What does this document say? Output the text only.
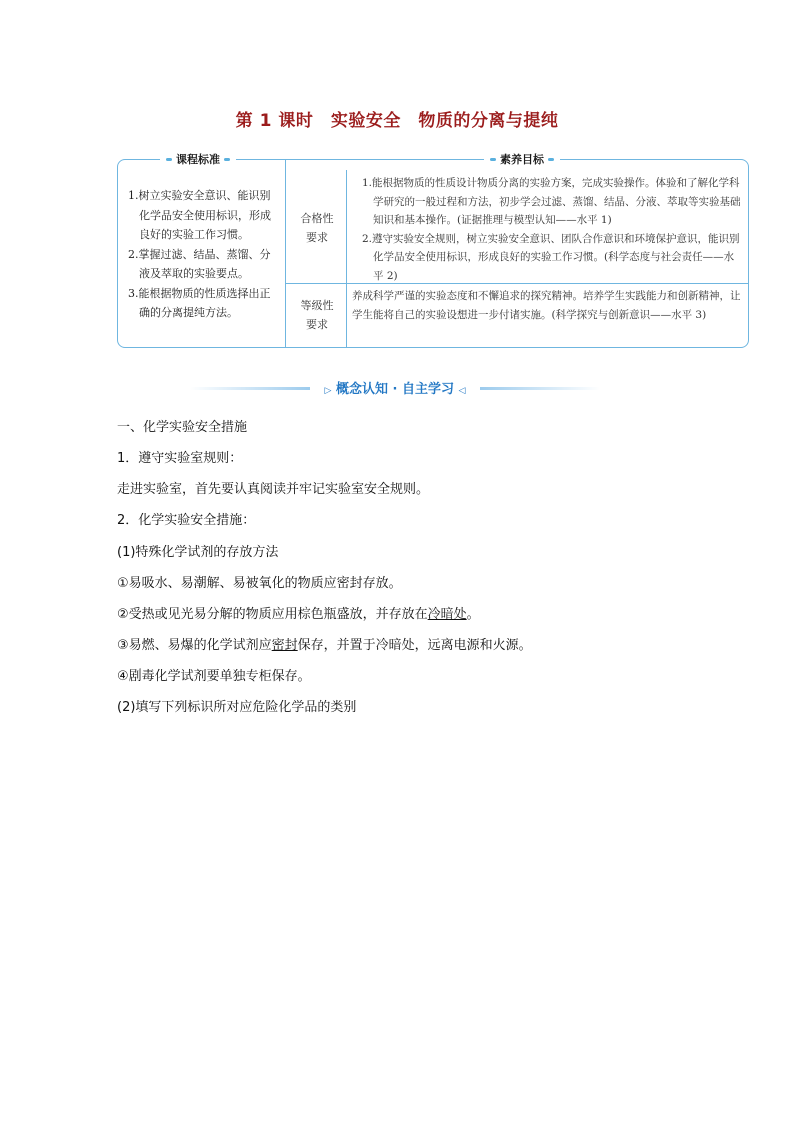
第 1 课时　实验安全　物质的分离与提纯
课程标准	素养目标
1.树立实验安全意识、能识别化学品安全使用标识，形成良好的实验工作习惯。
2.掌握过滤、结晶、蒸馏、分液及萃取的实验要点。
3.能根据物质的性质选择出正确的分离提纯方法。
合格性
要求

1.能根据物质的性质设计物质分离的实验方案，完成实验操作。体验和了解化学科学研究的一般过程和方法，初步学会过滤、蒸馏、结晶、分液、萃取等实验基础知识和基本操作。(证据推理与模型认知——水平 1)

2.遵守实验安全规则，树立实验安全意识、团队合作意识和环境保护意识，能识别化学品安全使用标识，形成良好的实验工作习惯。(科学态度与社会责任——水平 2)

等级性
要求

养成科学严谨的实验态度和不懈追求的探究精神。培养学生实践能力和创新精神，让学生能将自己的实验设想进一步付诸实施。(科学探究与创新意识——水平 3)

▷ 概念认知 · 自主学习 ◁
一、化学实验安全措施
1．遵守实验室规则：
走进实验室，首先要认真阅读并牢记实验室安全规则。
2．化学实验安全措施：
(1)特殊化学试剂的存放方法
①易吸水、易潮解、易被氧化的物质应密封存放。
②受热或见光易分解的物质应用棕色瓶盛放，并存放在冷暗处。
③易燃、易爆的化学试剂应密封保存，并置于冷暗处，远离电源和火源。
④剧毒化学试剂要单独专柜保存。
(2)填写下列标识所对应危险化学品的类别
